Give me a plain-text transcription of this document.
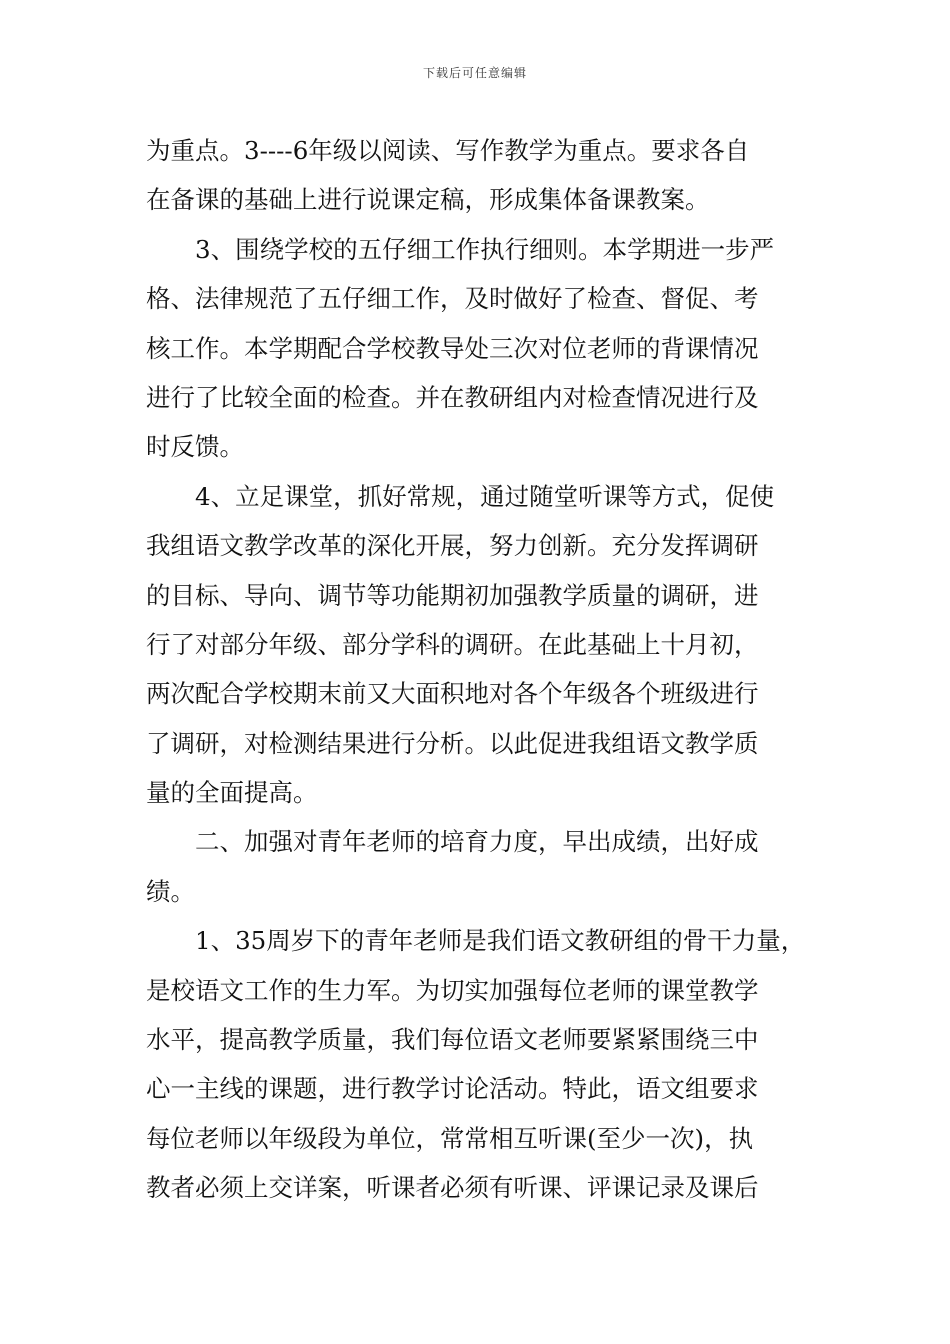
下载后可任意编辑
为重点。3----6年级以阅读、写作教学为重点。要求各自
在备课的基础上进行说课定稿，形成集体备课教案。
3、围绕学校的五仔细工作执行细则。本学期进一步严
格、法律规范了五仔细工作，及时做好了检查、督促、考
核工作。本学期配合学校教导处三次对位老师的背课情况
进行了比较全面的检查。并在教研组内对检查情况进行及
时反馈。
4、立足课堂，抓好常规，通过随堂听课等方式，促使
我组语文教学改革的深化开展，努力创新。充分发挥调研
的目标、导向、调节等功能期初加强教学质量的调研，进
行了对部分年级、部分学科的调研。在此基础上十月初，
两次配合学校期末前又大面积地对各个年级各个班级进行
了调研，对检测结果进行分析。以此促进我组语文教学质
量的全面提高。
二、加强对青年老师的培育力度，早出成绩，出好成
绩。
1、35周岁下的青年老师是我们语文教研组的骨干力量，
是校语文工作的生力军。为切实加强每位老师的课堂教学
水平，提高教学质量，我们每位语文老师要紧紧围绕三中
心一主线的课题，进行教学讨论活动。特此，语文组要求
每位老师以年级段为单位，常常相互听课(至少一次)，执
教者必须上交详案，听课者必须有听课、评课记录及课后
